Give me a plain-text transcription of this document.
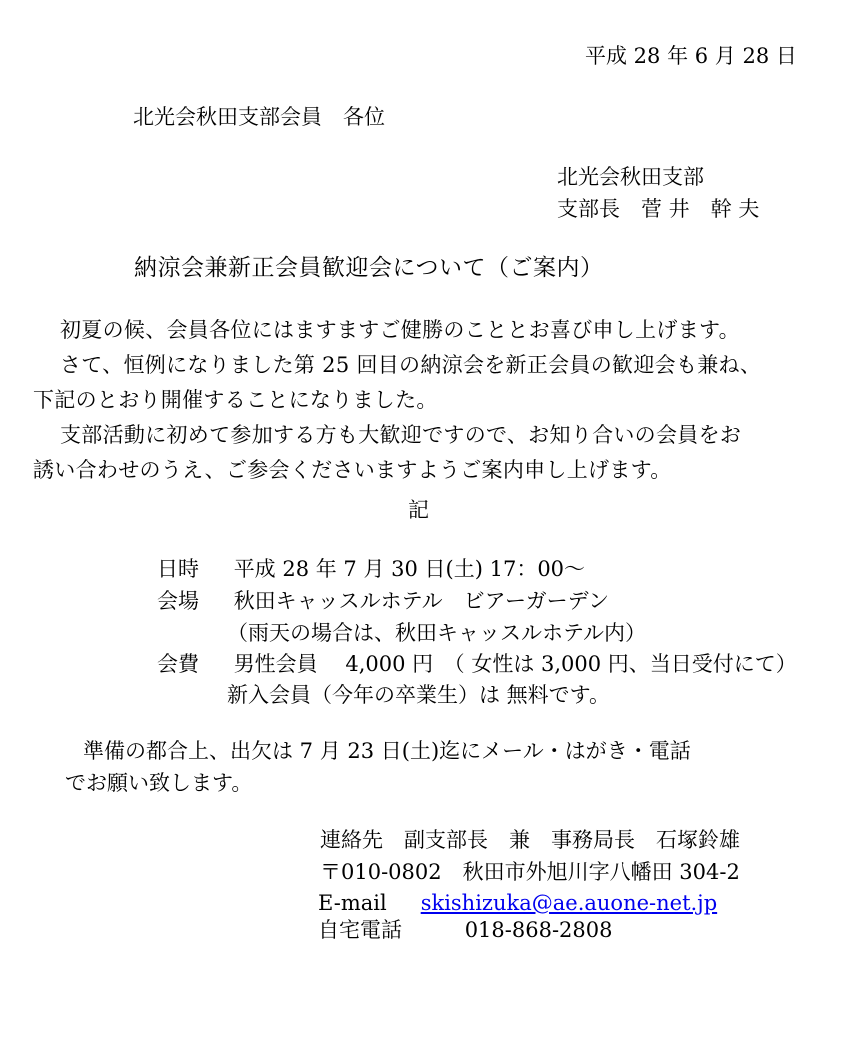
平成 28 年 6 月 28 日
北光会秋田支部会員　各位
北光会秋田支部
支部長　菅 井　幹 夫
納涼会兼新正会員歓迎会について（ご案内）

初夏の候、会員各位にはますますご健勝のこととお喜び申し上げます。

さて、恒例になりました第 25 回目の納涼会を新正会員の歓迎会も兼ね、

下記のとおり開催することになりました。

支部活動に初めて参加する方も大歓迎ですので、お知り合いの会員をお

誘い合わせのうえ、ご参会くださいますようご案内申し上げます。

記
日時 平成 28 年 7 月 30 日(土) 17：00～
会場 秋田キャッスルホテル　ビアーガーデン
（雨天の場合は、秋田キャッスルホテル内）
会費 男性会員　 4,000 円　（ 女性は 3,000 円、当日受付にて）
新入会員（今年の卒業生）は 無料です。
準備の都合上、出欠は 7 月 23 日(土)迄にメール・はがき・電話
でお願い致します。
連絡先　副支部長　兼　事務局長　石塚鈴雄
〒010-0802　秋田市外旭川字八幡田 304-2
E-mail skishizuka@ae.auone-net.jp
自宅電話	018-868-2808
